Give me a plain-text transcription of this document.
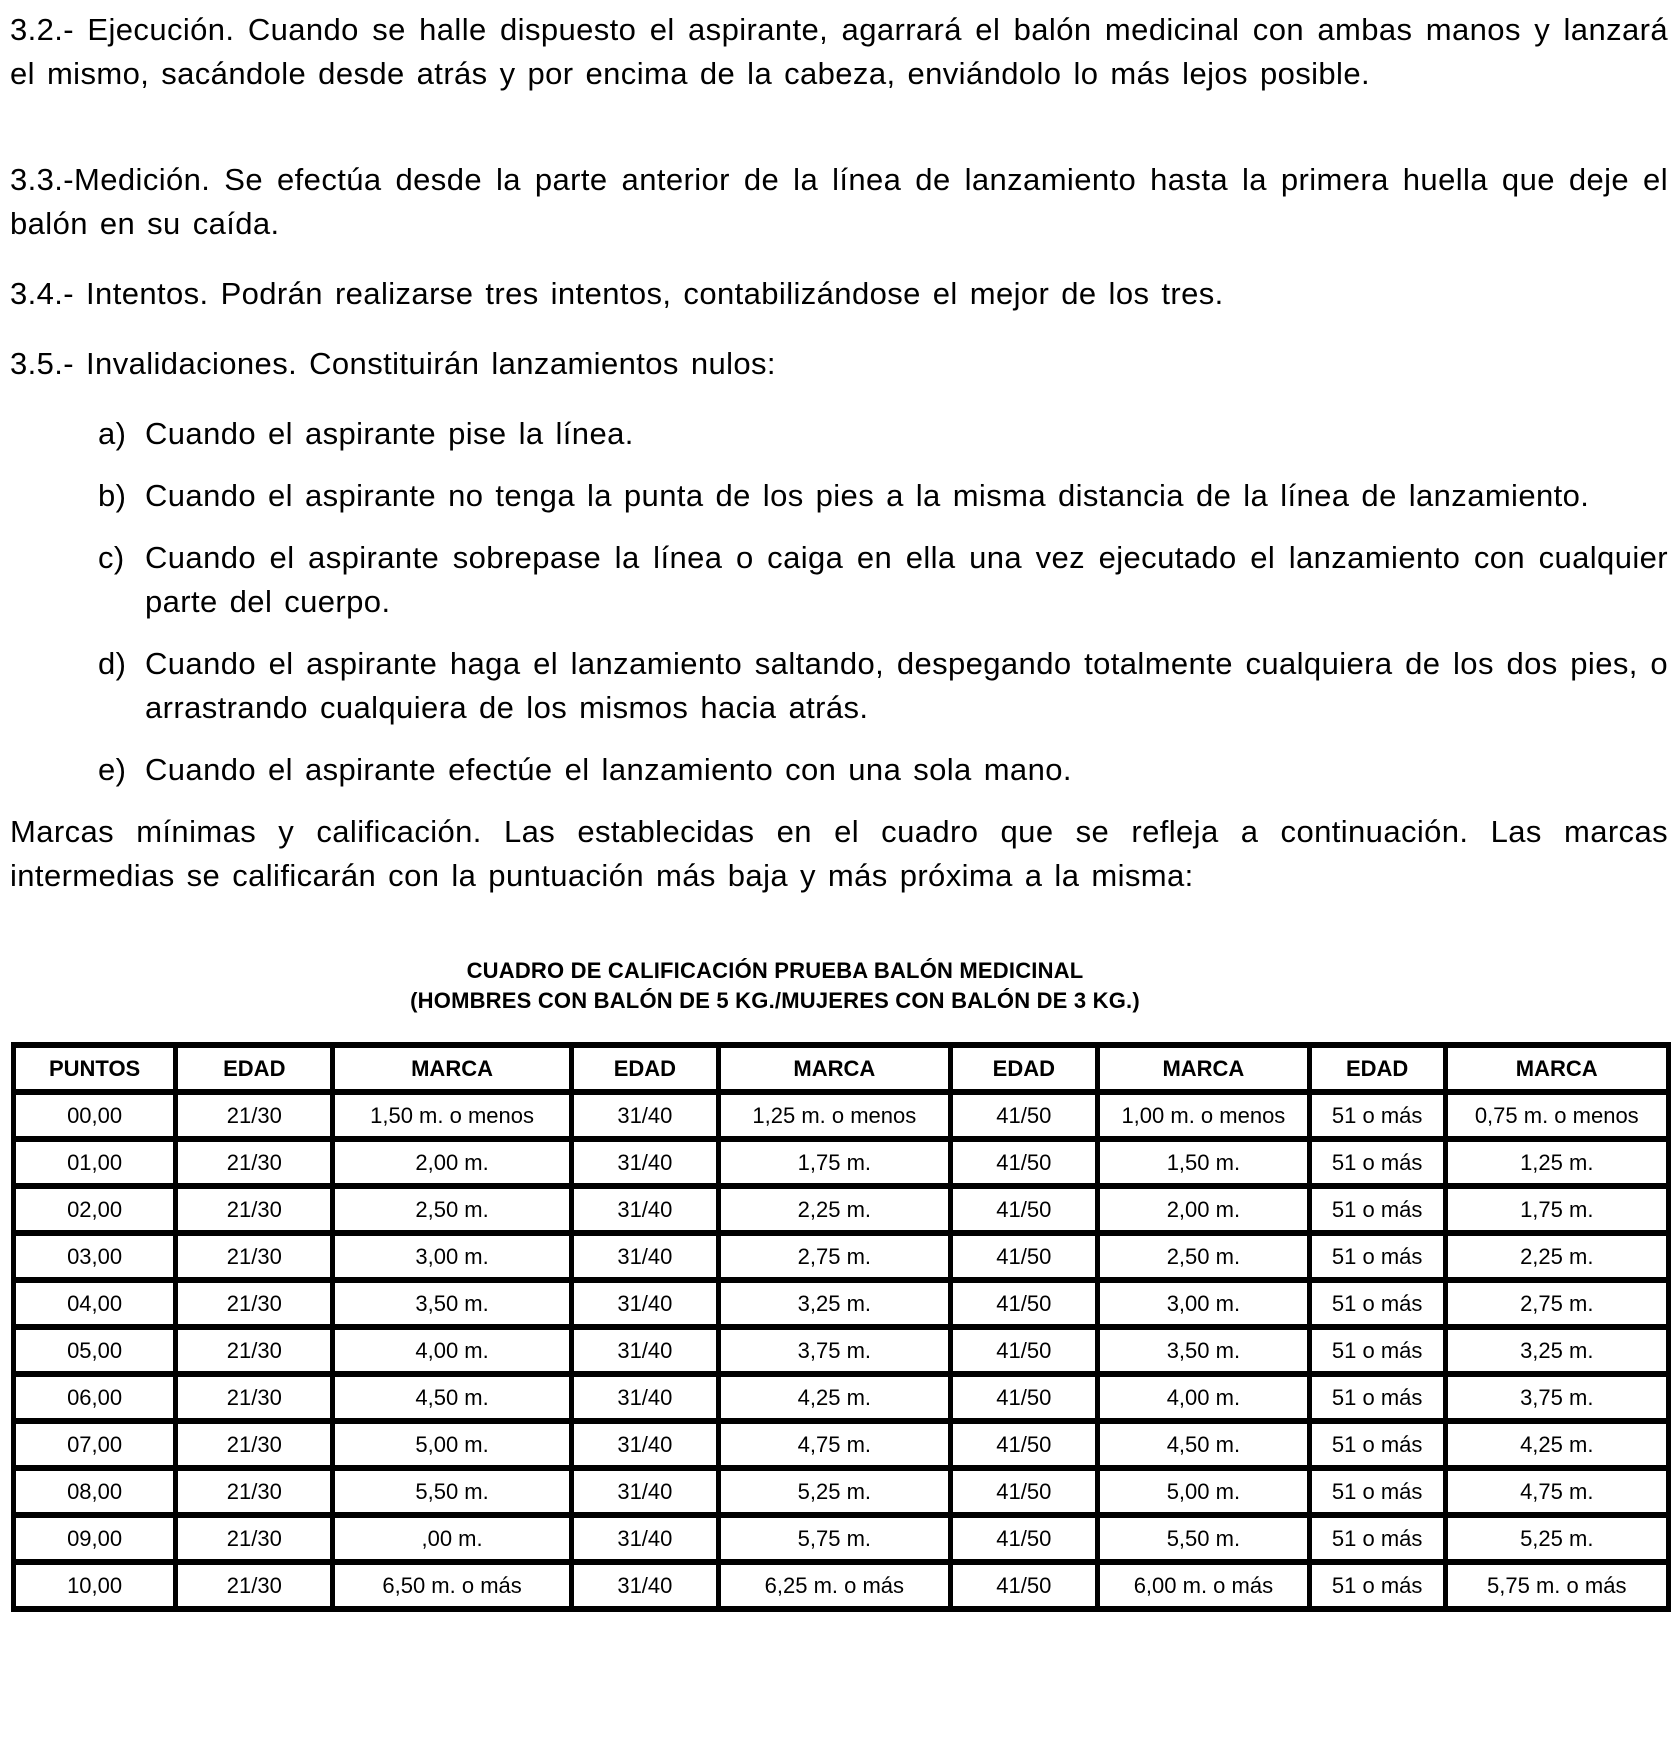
3.2.- Ejecución. Cuando se halle dispuesto el aspirante, agarrará el balón medicinal con ambas manos y lanzará el mismo, sacándole desde atrás y por encima de la cabeza, enviándolo lo más lejos posible.

3.3.-Medición. Se efectúa desde la parte anterior de la línea de lanzamiento hasta la primera huella que deje el balón en su caída.

3.4.- Intentos. Podrán realizarse tres intentos, contabilizándose el mejor de los tres.

3.5.- Invalidaciones. Constituirán lanzamientos nulos:

a) Cuando el aspirante pise la línea.
b) Cuando el aspirante no tenga la punta de los pies a la misma distancia de la línea de lanzamiento.
c) Cuando el aspirante sobrepase la línea o caiga en ella una vez ejecutado el lanzamiento con cualquier parte del cuerpo.
d) Cuando el aspirante haga el lanzamiento saltando, despegando totalmente cualquiera de los dos pies, o arrastrando cualquiera de los mismos hacia atrás.
e) Cuando el aspirante efectúe el lanzamiento con una sola mano.

Marcas mínimas y calificación. Las establecidas en el cuadro que se refleja a continuación. Las marcas intermedias se calificarán con la puntuación más baja y más próxima a la misma:

CUADRO DE CALIFICACIÓN PRUEBA BALÓN MEDICINAL
(HOMBRES CON BALÓN DE 5 KG./MUJERES CON BALÓN DE 3 KG.)
PUNTOS	EDAD	MARCA	EDAD	MARCA	EDAD	MARCA	EDAD	MARCA
00,00	21/30	1,50 m. o menos	31/40	1,25 m. o menos	41/50	1,00 m. o menos	51 o más	0,75 m. o menos
01,00	21/30	2,00 m.	31/40	1,75 m.	41/50	1,50 m.	51 o más	1,25 m.
02,00	21/30	2,50 m.	31/40	2,25 m.	41/50	2,00 m.	51 o más	1,75 m.
03,00	21/30	3,00 m.	31/40	2,75 m.	41/50	2,50 m.	51 o más	2,25 m.
04,00	21/30	3,50 m.	31/40	3,25 m.	41/50	3,00 m.	51 o más	2,75 m.
05,00	21/30	4,00 m.	31/40	3,75 m.	41/50	3,50 m.	51 o más	3,25 m.
06,00	21/30	4,50 m.	31/40	4,25 m.	41/50	4,00 m.	51 o más	3,75 m.
07,00	21/30	5,00 m.	31/40	4,75 m.	41/50	4,50 m.	51 o más	4,25 m.
08,00	21/30	5,50 m.	31/40	5,25 m.	41/50	5,00 m.	51 o más	4,75 m.
09,00	21/30	,00 m.	31/40	5,75 m.	41/50	5,50 m.	51 o más	5,25 m.
10,00	21/30	6,50 m. o más	31/40	6,25 m. o más	41/50	6,00 m. o más	51 o más	5,75 m. o más
